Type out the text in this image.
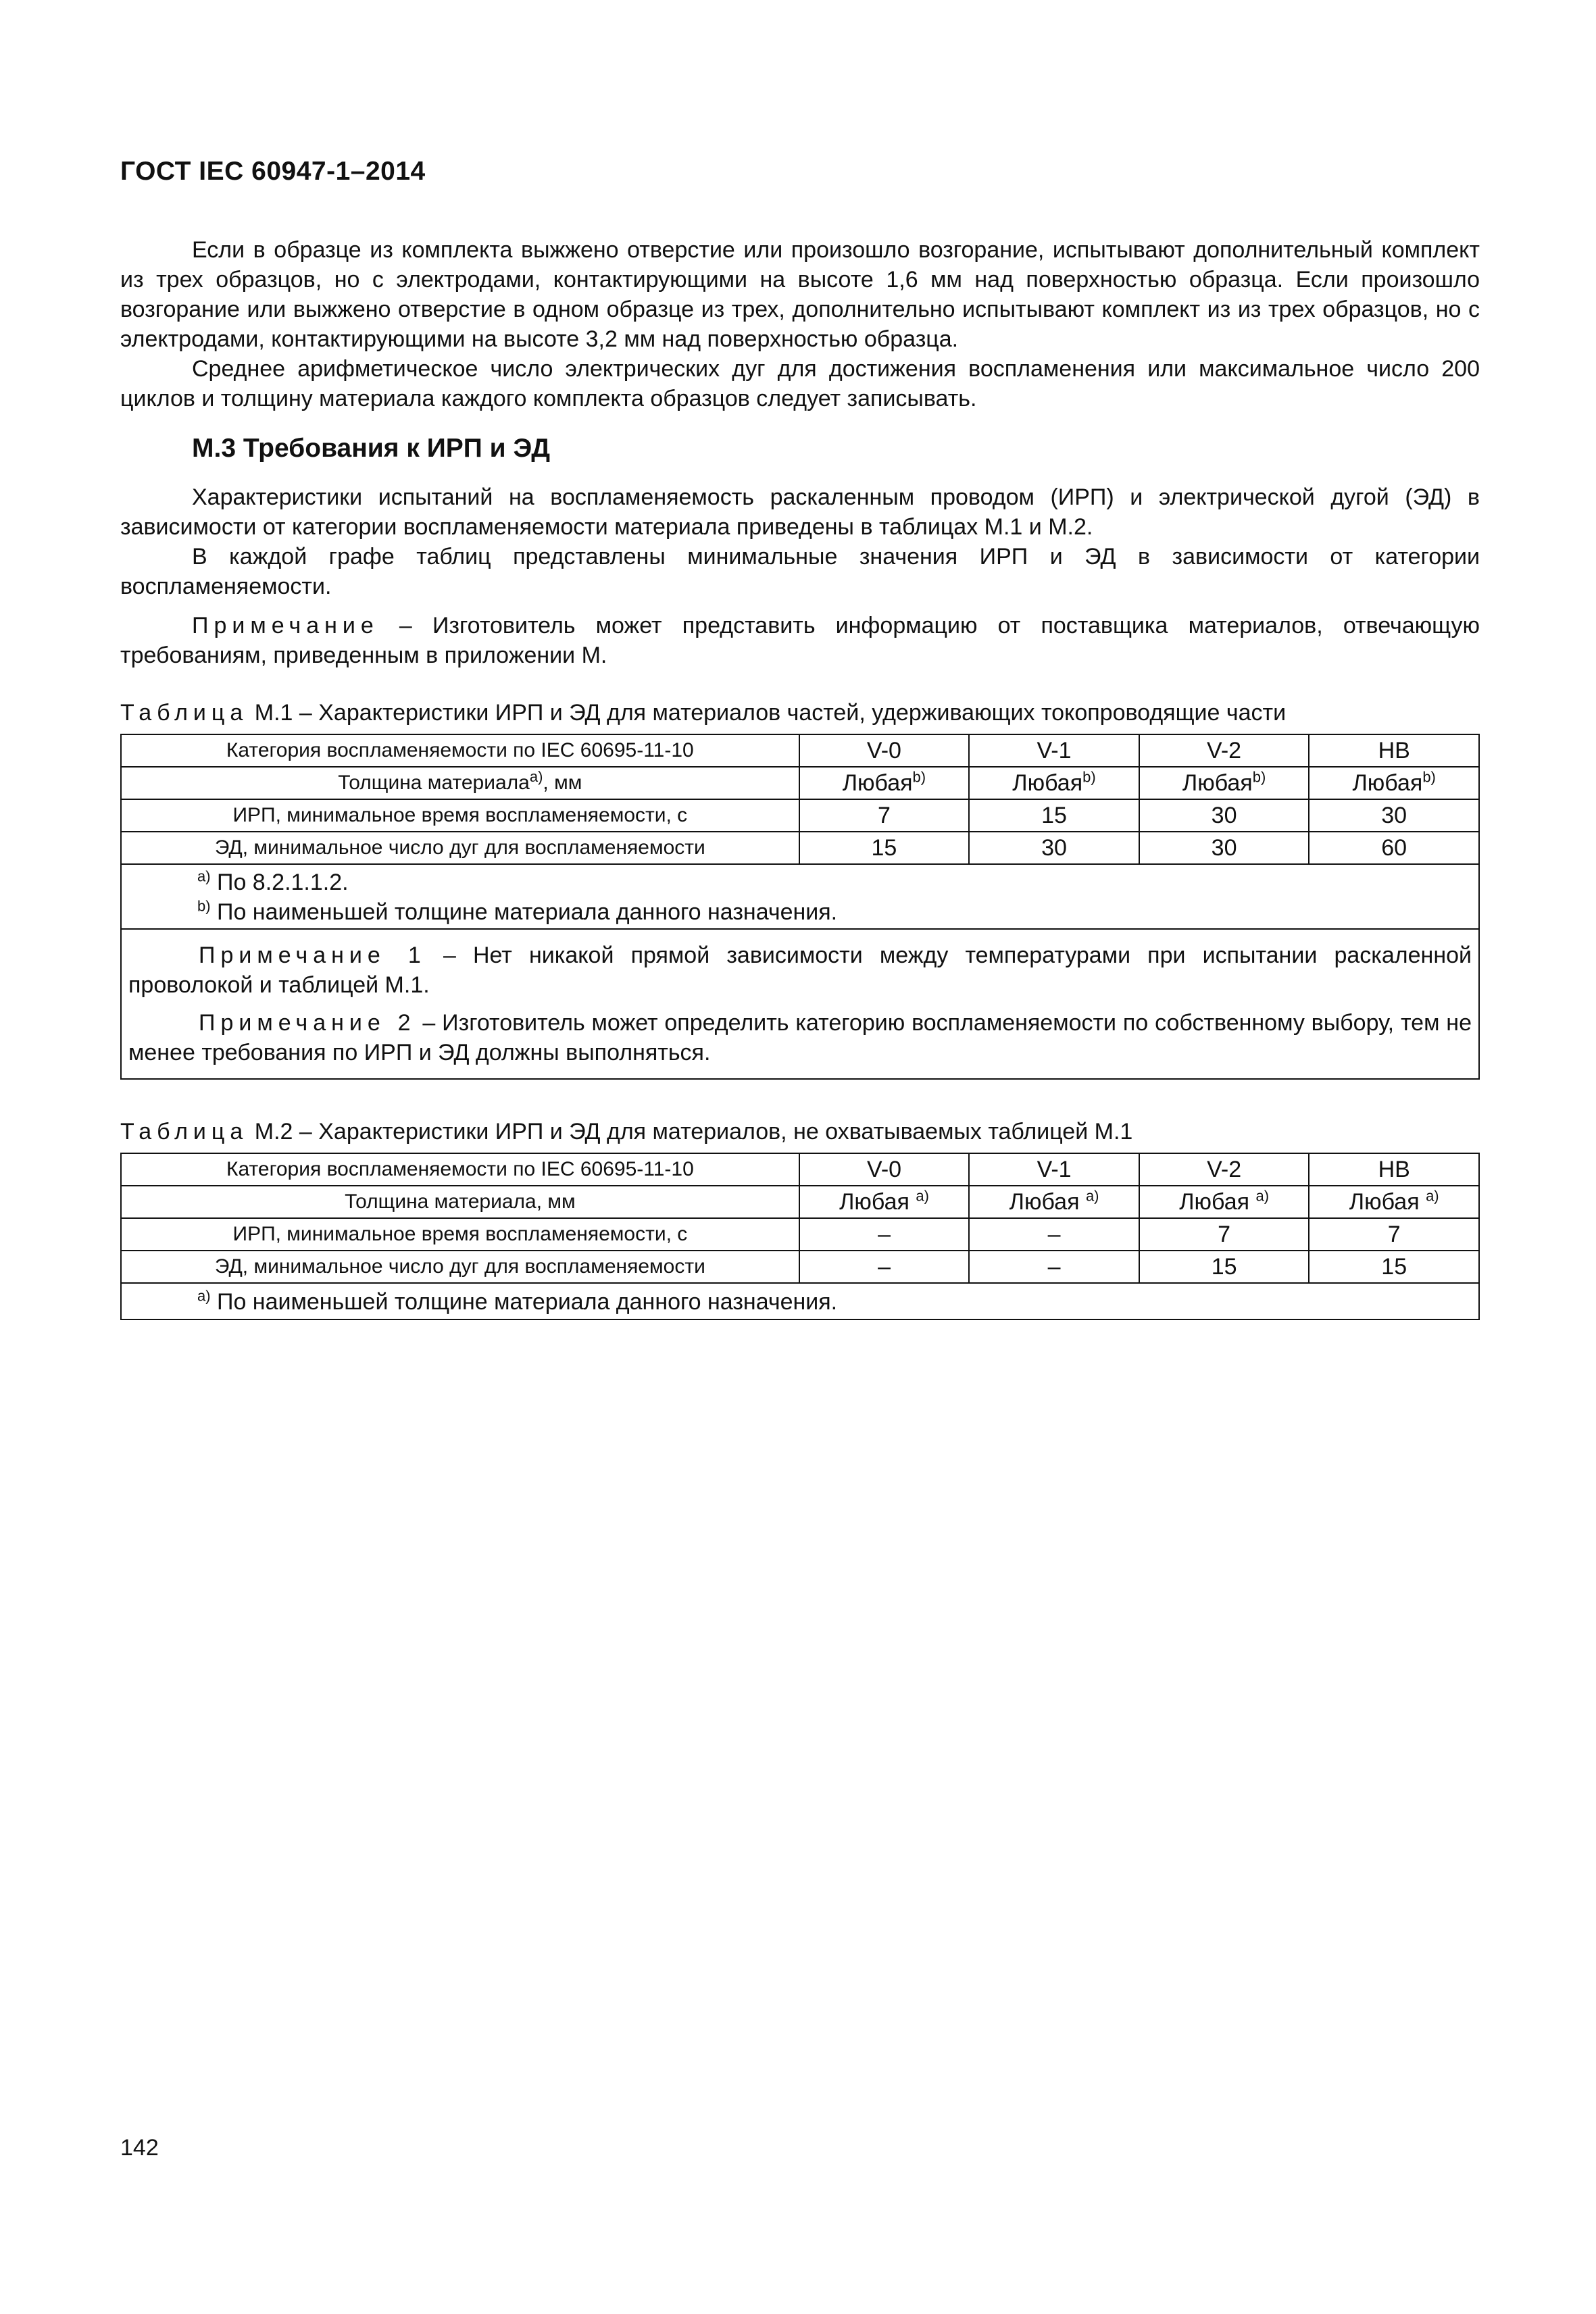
ГОСТ IEC 60947-1–2014

Если в образце из комплекта выжжено отверстие или произошло возгорание, испытывают дополнительный комплект из трех образцов, но с электродами, контактирующими на высоте 1,6 мм над поверхностью образца. Если произошло возгорание или выжжено отверстие в одном образце из трех, дополнительно испытывают комплект из из трех образцов, но с электродами, контактирующими на высоте 3,2 мм над поверхностью образца.

Среднее арифметическое число электрических дуг для достижения воспламенения или максимальное число 200 циклов и толщину материала каждого комплекта образцов следует записывать.

М.3 Требования к ИРП и ЭД

Характеристики испытаний на воспламеняемость раскаленным проводом (ИРП) и электрической дугой (ЭД) в зависимости от категории воспламеняемости материала приведены в таблицах М.1 и М.2.

В каждой графе таблиц представлены минимальные значения ИРП и ЭД в зависимости от категории воспламеняемости.

Примечание – Изготовитель может представить информацию от поставщика материалов, отвечающую требованиям, приведенным в приложении М.

Таблица М.1 – Характеристики ИРП и ЭД для материалов частей, удерживающих токопроводящие части
Категория воспламеняемости по IEC 60695-11-10	V-0	V-1	V-2	НВ
Толщина материала$^{a)}$, мм	Любая$^{b)}$	Любая$^{b)}$	Любая$^{b)}$	Любая$^{b)}$
ИРП, минимальное время воспламеняемости, с	7	15	30	30
ЭД, минимальное число дуг для воспламеняемости	15	30	30	60

$^{a)}$ По 8.2.1.1.2.
$^{b)}$ По наименьшей толщине материала данного назначения.				

Примечание 1 – Нет никакой прямой зависимости между температурами при испытании раскаленной проволокой и таблицей М.1.

Примечание 2 – Изготовитель может определить категорию воспламеняемости по собственному выбору, тем не менее требования по ИРП и ЭД должны выполняться.				

Таблица М.2 – Характеристики ИРП и ЭД для материалов, не охватываемых таблицей М.1
Категория воспламеняемости по IEC 60695-11-10	V-0	V-1	V-2	НВ
Толщина материала, мм	Любая $^{a)}$	Любая $^{a)}$	Любая $^{a)}$	Любая $^{a)}$
ИРП, минимальное время воспламеняемости, с	–	–	7	7
ЭД, минимальное число дуг для воспламеняемости	–	–	15	15

$^{a)}$ По наименьшей толщине материала данного назначения.				
142
